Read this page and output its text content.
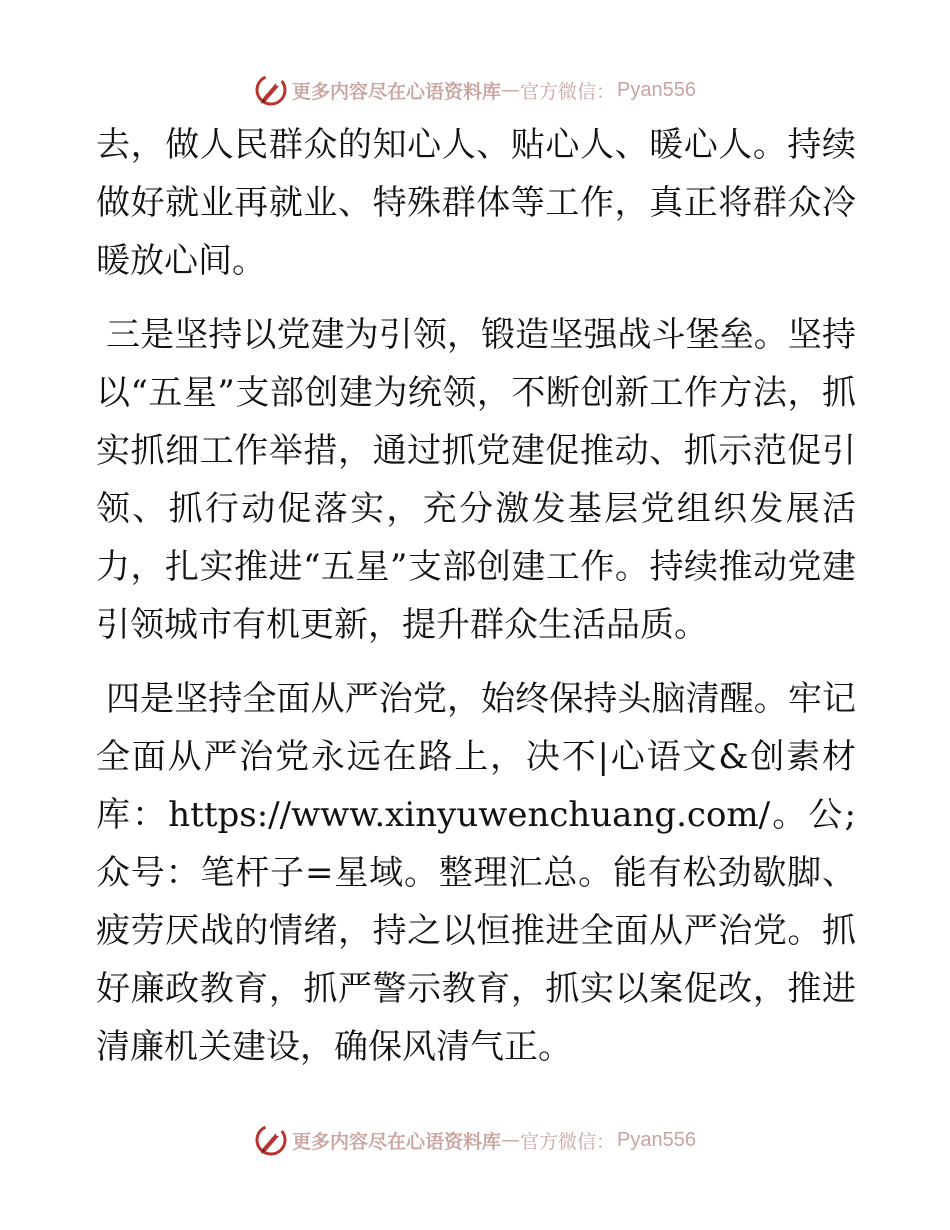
更多内容尽在心语资料库 — 官方微信： Pyan556

去，做人民群众的知心人、贴心人、暖心人。持续做好就业再就业、特殊群体等工作，真正将群众冷暖放心间。

三是坚持以党建为引领，锻造坚强战斗堡垒。坚持以“五星”支部创建为统领，不断创新工作方法，抓实抓细工作举措，通过抓党建促推动、抓示范促引领、抓行动促落实，充分激发基层党组织发展活力，扎实推进“五星”支部创建工作。持续推动党建引领城市有机更新，提升群众生活品质。

四是坚持全面从严治党，始终保持头脑清醒。牢记全面从严治党永远在路上，决不|心语文&创素材库：https://www.xinyuwenchuang.com/。公;众号：笔杆子=星域。整理汇总。能有松劲歇脚、疲劳厌战的情绪，持之以恒推进全面从严治党。抓好廉政教育，抓严警示教育，抓实以案促改，推进清廉机关建设，确保风清气正。

更多内容尽在心语资料库 — 官方微信： Pyan556
